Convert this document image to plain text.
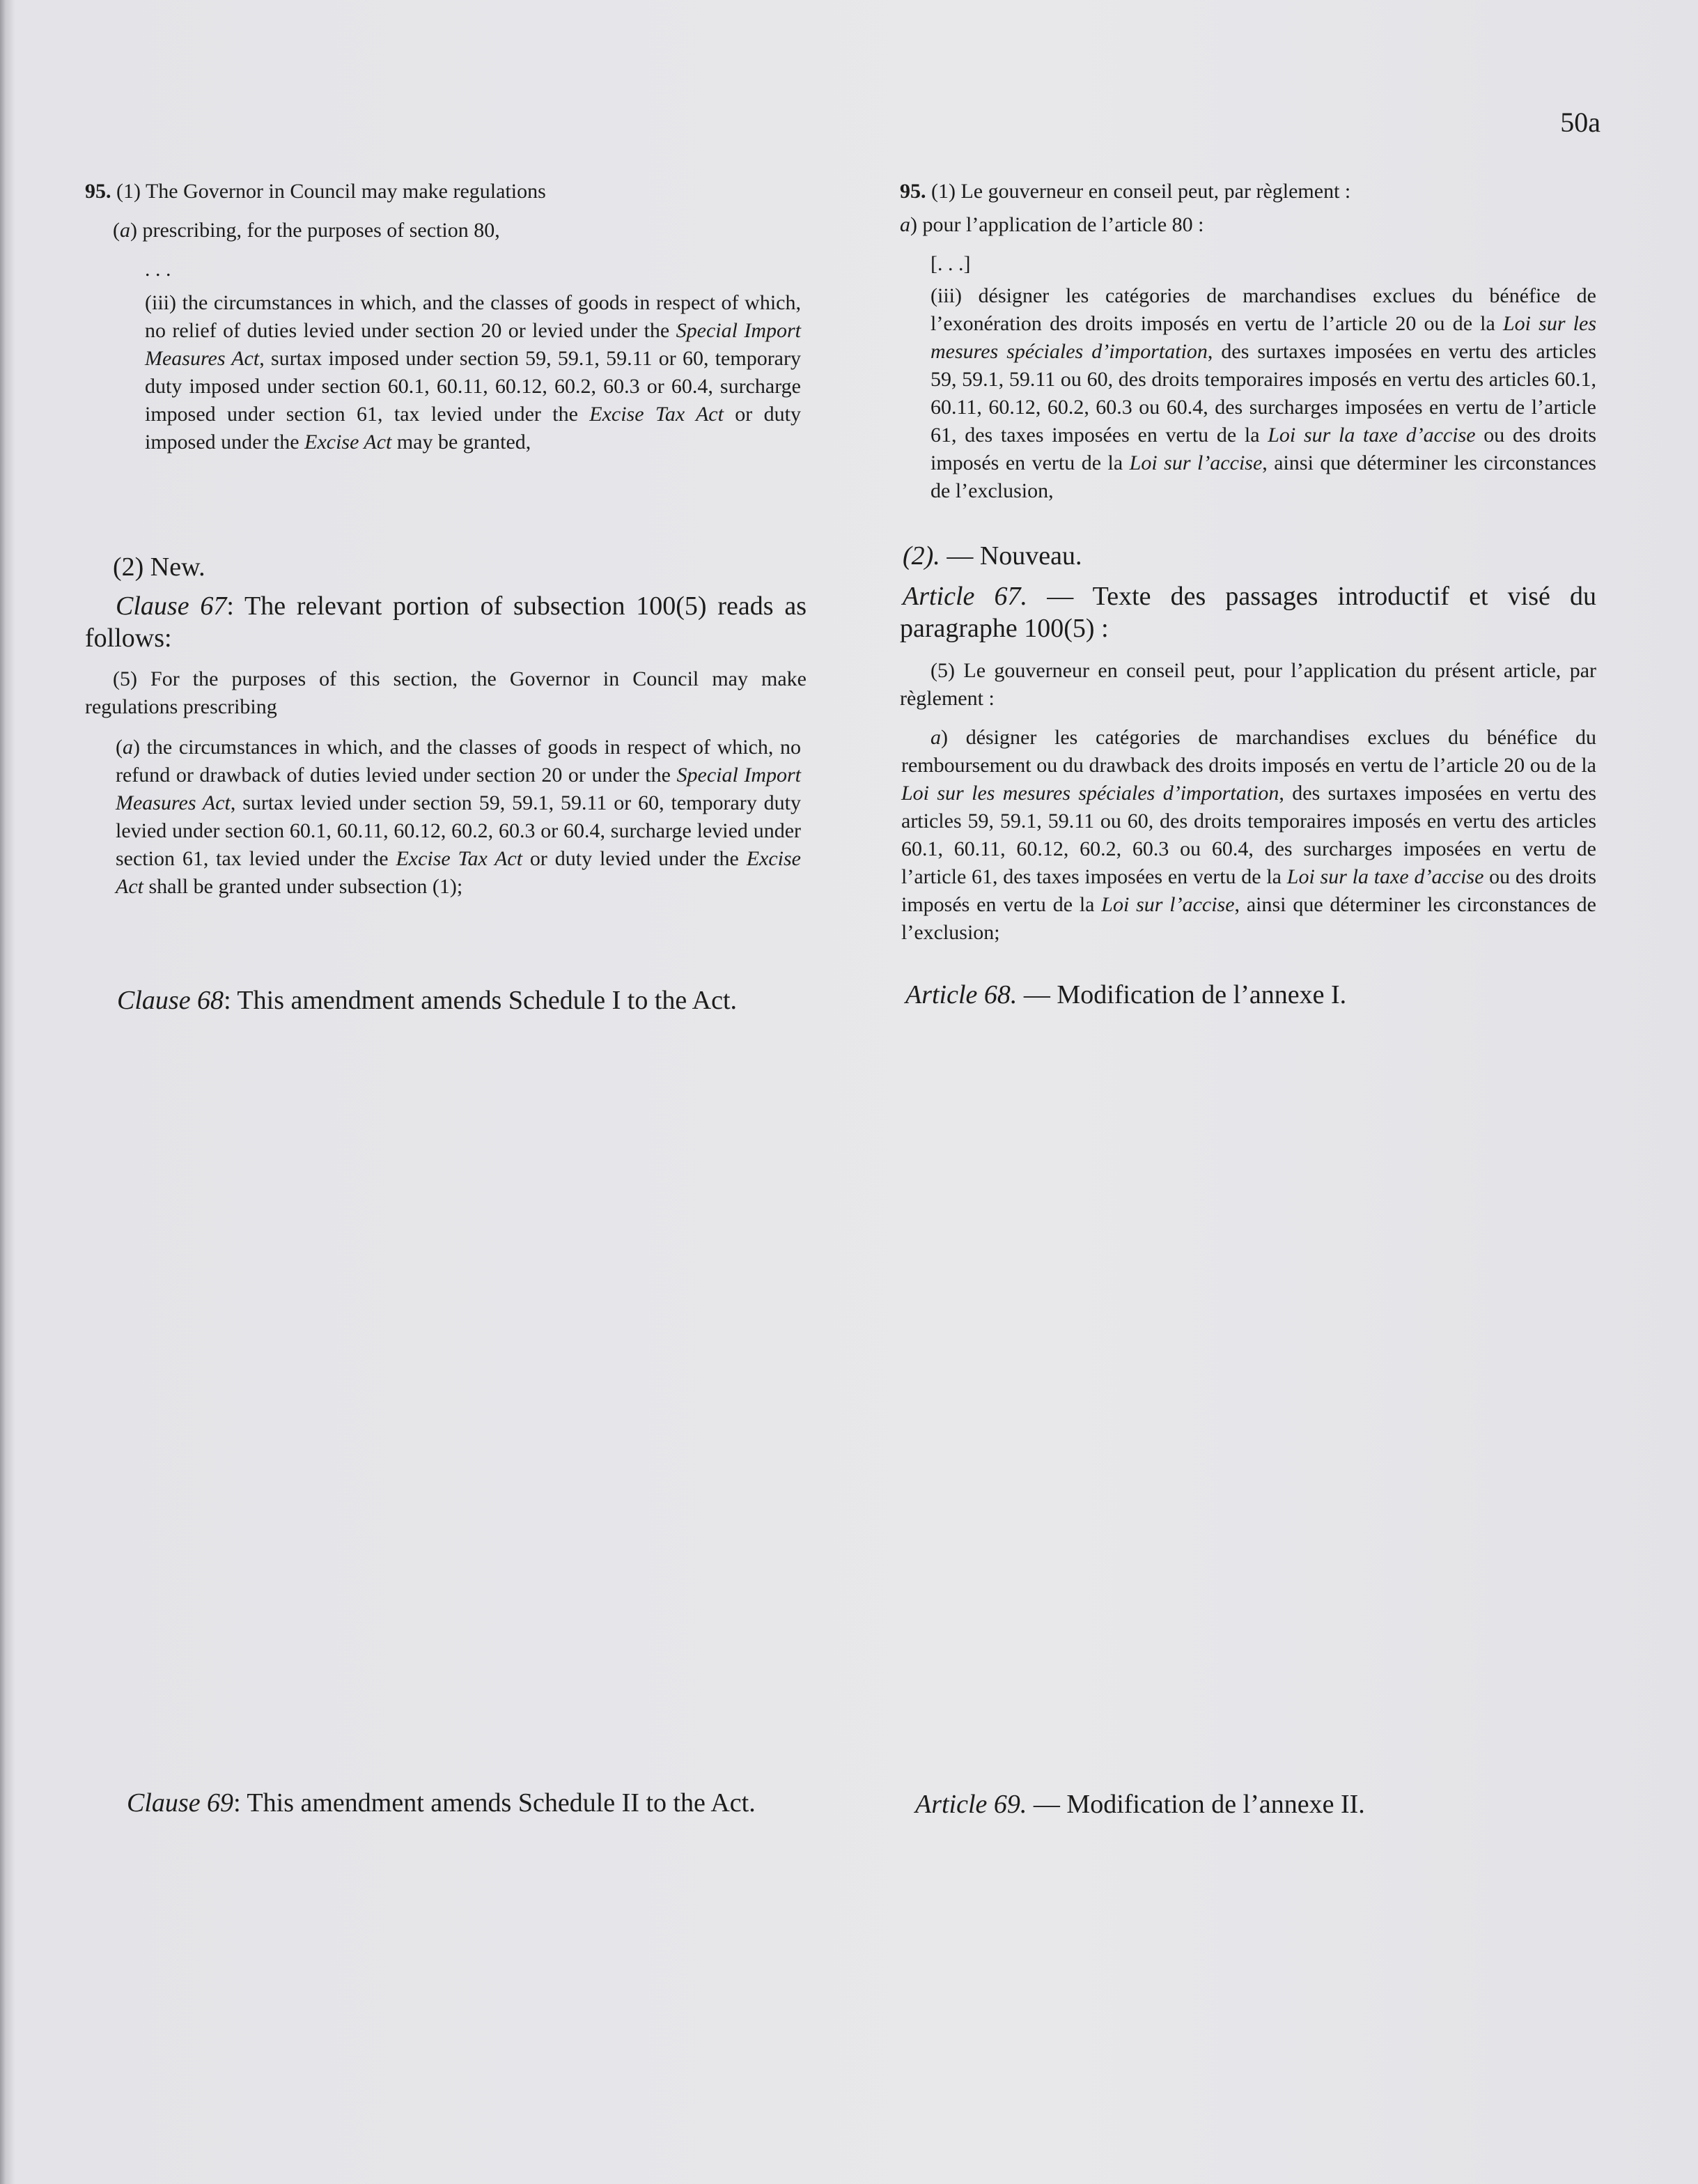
50a

95. (1) The Governor in Council may make regulations

(a) prescribing, for the purposes of section 80,

. . .

(iii) the circumstances in which, and the classes of goods in respect of which, no relief of duties levied under section 20 or levied under the Special Import Measures Act, surtax imposed under section 59, 59.1, 59.11 or 60, temporary duty imposed under section 60.1, 60.11, 60.12, 60.2, 60.3 or 60.4, surcharge imposed under section 61, tax levied under the Excise Tax Act or duty imposed under the Excise Act may be granted,

(2) New.

Clause 67: The relevant portion of subsection 100(5) reads as follows:

(5) For the purposes of this section, the Governor in Council may make regulations prescribing

(a) the circumstances in which, and the classes of goods in respect of which, no refund or drawback of duties levied under section 20 or under the Special Import Measures Act, surtax levied under section 59, 59.1, 59.11 or 60, temporary duty levied under section 60.1, 60.11, 60.12, 60.2, 60.3 or 60.4, surcharge levied under section 61, tax levied under the Excise Tax Act or duty levied under the Excise Act shall be granted under subsection (1);

Clause 68: This amendment amends Schedule I to the Act.

Clause 69: This amendment amends Schedule II to the Act.

95. (1) Le gouverneur en conseil peut, par règlement :

a) pour l’application de l’article 80 :

[. . .]

(iii) désigner les catégories de marchandises exclues du bénéfice de l’exonération des droits imposés en vertu de l’article 20 ou de la Loi sur les mesures spéciales d’importation, des surtaxes imposées en vertu des articles 59, 59.1, 59.11 ou 60, des droits temporaires imposés en vertu des articles 60.1, 60.11, 60.12, 60.2, 60.3 ou 60.4, des surcharges imposées en vertu de l’article 61, des taxes imposées en vertu de la Loi sur la taxe d’accise ou des droits imposés en vertu de la Loi sur l’accise, ainsi que déterminer les circonstances de l’exclusion,

(2). — Nouveau.

Article 67. — Texte des passages introductif et visé du paragraphe 100(5) :

(5) Le gouverneur en conseil peut, pour l’application du présent article, par règlement :

a) désigner les catégories de marchandises exclues du bénéfice du remboursement ou du drawback des droits imposés en vertu de l’article 20 ou de la Loi sur les mesures spéciales d’importation, des surtaxes imposées en vertu des articles 59, 59.1, 59.11 ou 60, des droits temporaires imposés en vertu des articles 60.1, 60.11, 60.12, 60.2, 60.3 ou 60.4, des surcharges imposées en vertu de l’article 61, des taxes imposées en vertu de la Loi sur la taxe d’accise ou des droits imposés en vertu de la Loi sur l’accise, ainsi que déterminer les circonstances de l’exclusion;

Article 68. — Modification de l’annexe I.

Article 69. — Modification de l’annexe II.
